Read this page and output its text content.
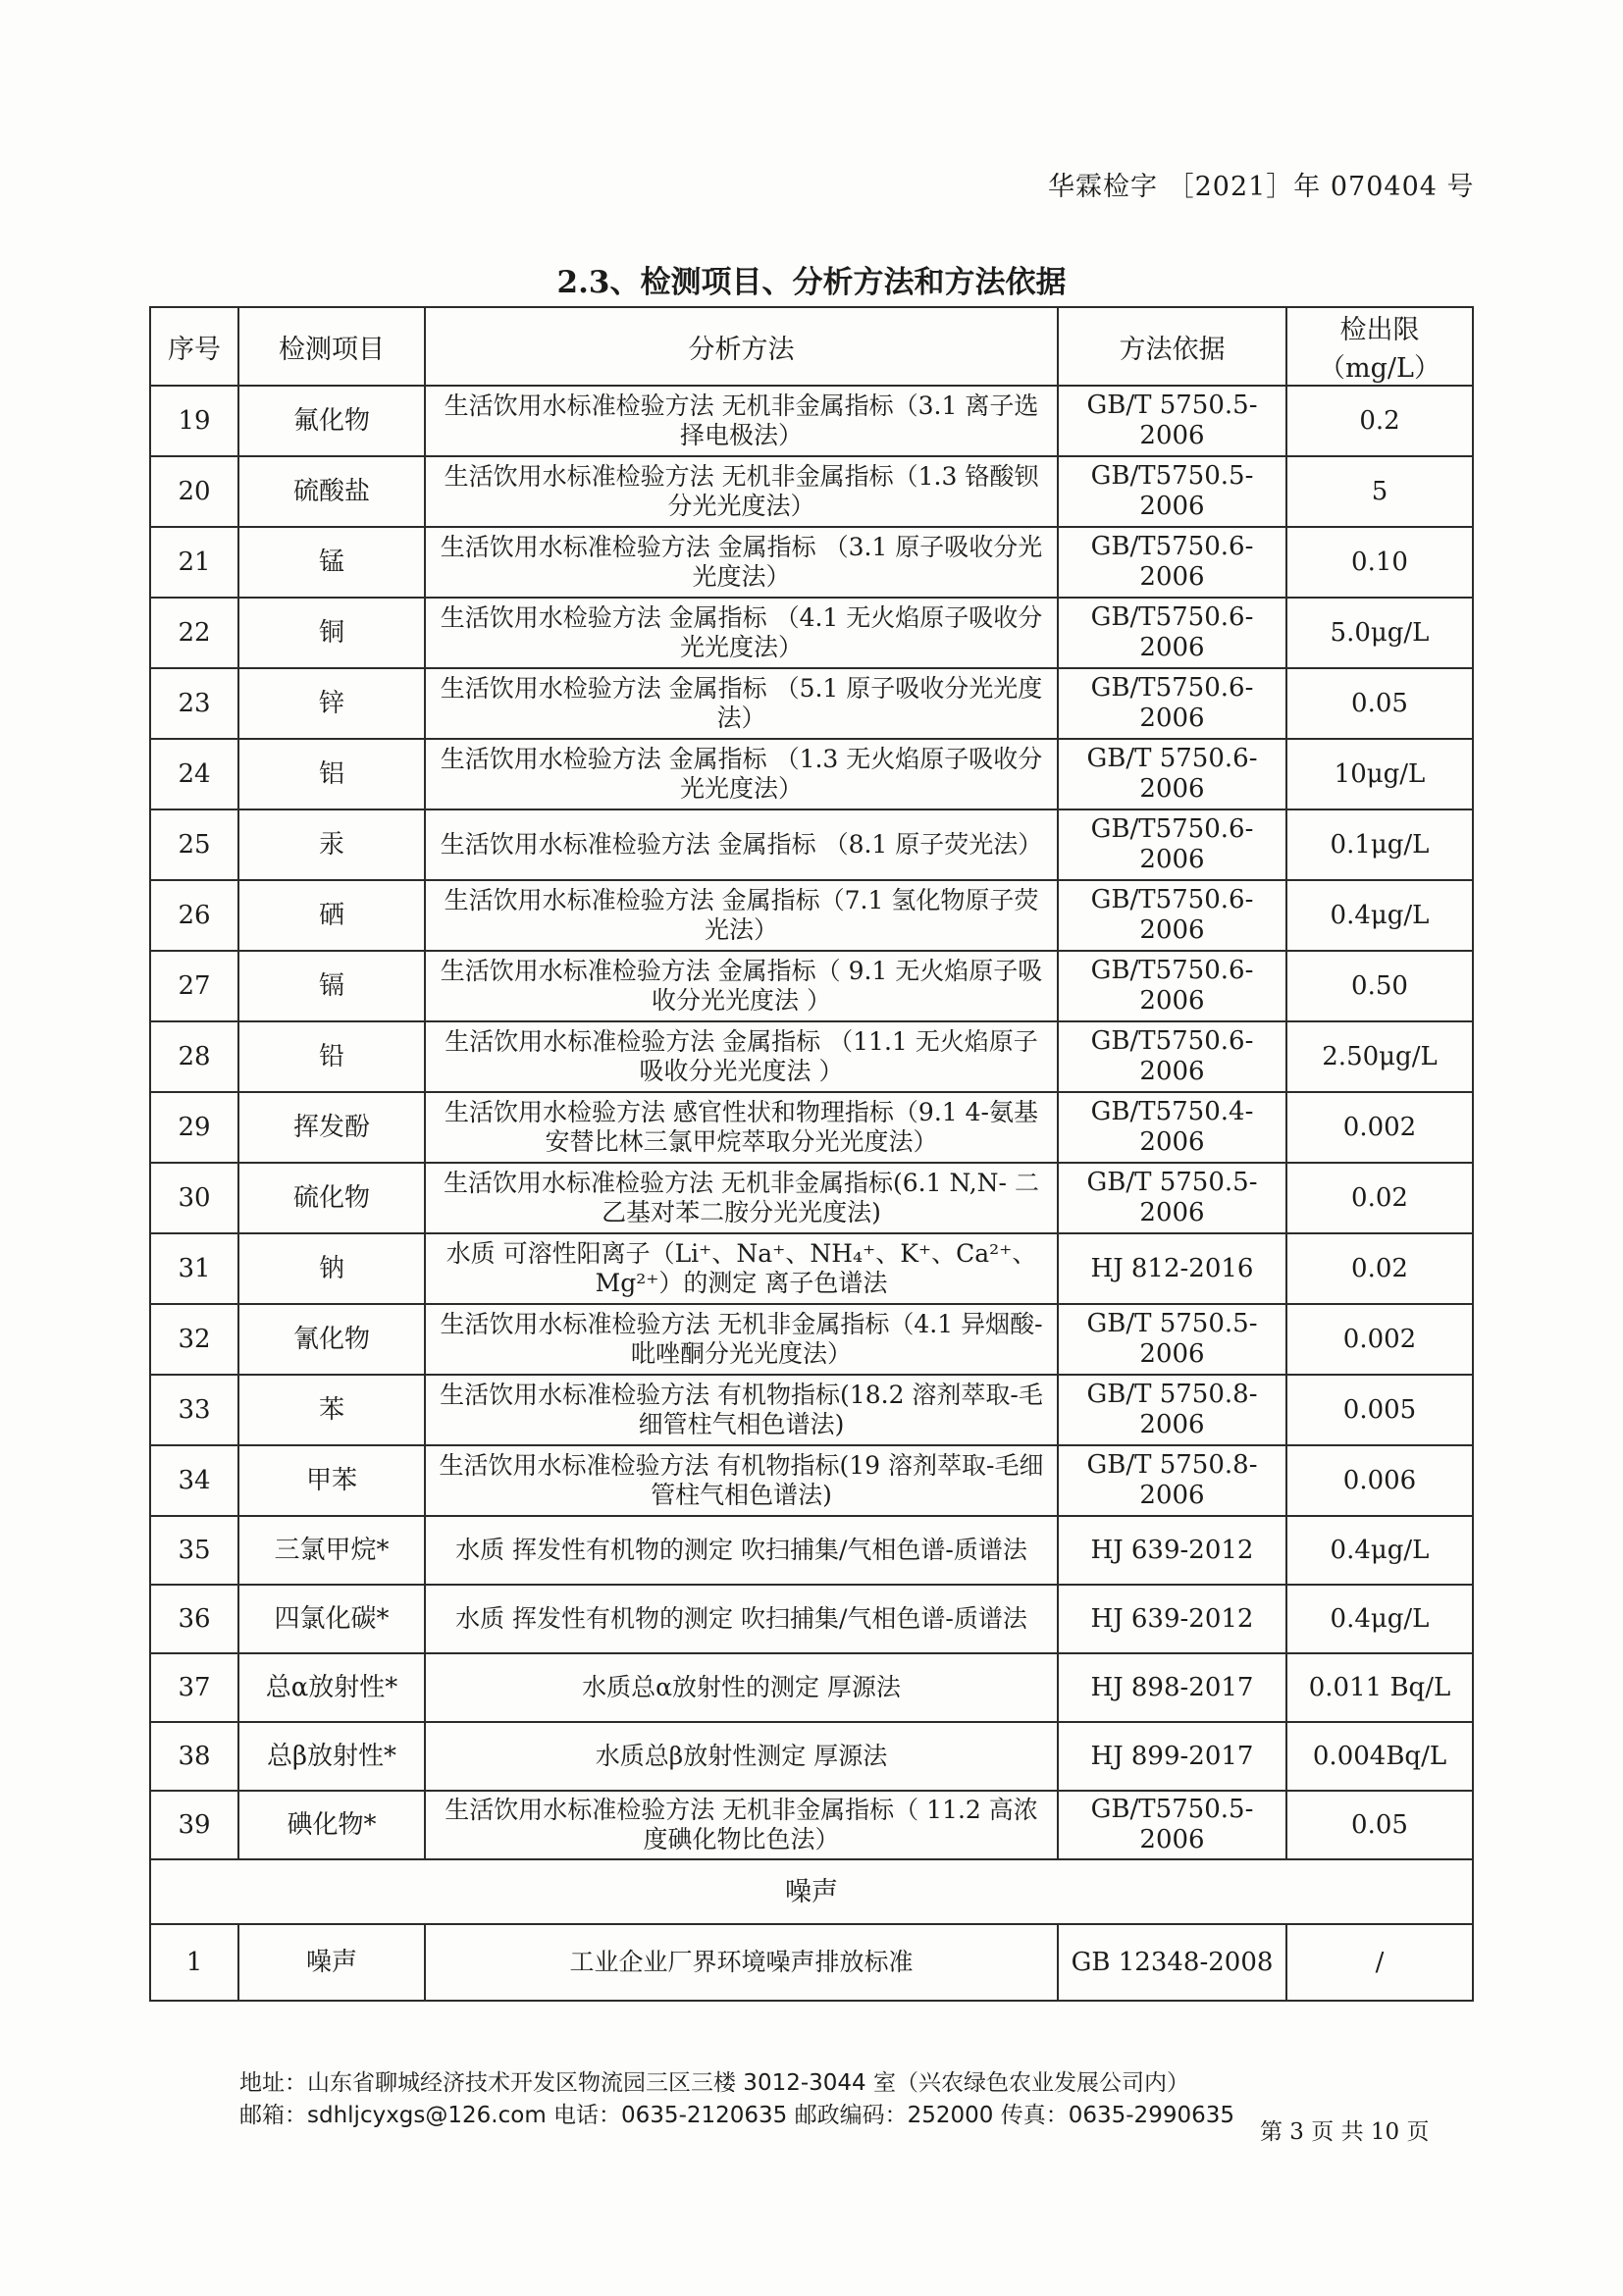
华霖检字 ［2021］年 070404 号
2.3、检测项目、分析方法和方法依据
序号	检测项目	分析方法	方法依据	检出限（mg/L）
19	氟化物	生活饮用水标准检验方法 无机非金属指标（3.1 离子选择电极法）	GB/T 5750.5-2006	0.2
20	硫酸盐	生活饮用水标准检验方法 无机非金属指标（1.3 铬酸钡分光光度法）	GB/T5750.5-2006	5
21	锰	生活饮用水标准检验方法 金属指标 （3.1 原子吸收分光光度法）	GB/T5750.6-2006	0.10
22	铜	生活饮用水检验方法 金属指标 （4.1 无火焰原子吸收分光光度法）	GB/T5750.6-2006	5.0μg/L
23	锌	生活饮用水检验方法 金属指标 （5.1 原子吸收分光光度法）	GB/T5750.6-2006	0.05
24	铝	生活饮用水检验方法 金属指标 （1.3 无火焰原子吸收分光光度法）	GB/T 5750.6-2006	10μg/L
25	汞	生活饮用水标准检验方法 金属指标 （8.1 原子荧光法）	GB/T5750.6-2006	0.1μg/L
26	硒	生活饮用水标准检验方法 金属指标（7.1 氢化物原子荧光法）	GB/T5750.6-2006	0.4μg/L
27	镉	生活饮用水标准检验方法 金属指标（ 9.1 无火焰原子吸收分光光度法 ）	GB/T5750.6-2006	0.50
28	铅	生活饮用水标准检验方法 金属指标 （11.1 无火焰原子吸收分光光度法 ）	GB/T5750.6-2006	2.50μg/L
29	挥发酚	生活饮用水检验方法 感官性状和物理指标（9.1 4-氨基安替比林三氯甲烷萃取分光光度法）	GB/T5750.4-2006	0.002
30	硫化物	生活饮用水标准检验方法 无机非金属指标(6.1 N,N- 二乙基对苯二胺分光光度法)	GB/T 5750.5-2006	0.02
31	钠	水质 可溶性阳离子（Li⁺、Na⁺、NH₄⁺、K⁺、Ca²⁺、Mg²⁺）的测定 离子色谱法	HJ 812-2016	0.02
32	氰化物	生活饮用水标准检验方法 无机非金属指标（4.1 异烟酸-吡唑酮分光光度法）	GB/T 5750.5-2006	0.002
33	苯	生活饮用水标准检验方法 有机物指标(18.2 溶剂萃取-毛细管柱气相色谱法)	GB/T 5750.8-2006	0.005
34	甲苯	生活饮用水标准检验方法 有机物指标(19 溶剂萃取-毛细管柱气相色谱法)	GB/T 5750.8-2006	0.006
35	三氯甲烷*	水质 挥发性有机物的测定 吹扫捕集/气相色谱-质谱法	HJ 639-2012	0.4μg/L
36	四氯化碳*	水质 挥发性有机物的测定 吹扫捕集/气相色谱-质谱法	HJ 639-2012	0.4μg/L
37	总α放射性*	水质总α放射性的测定 厚源法	HJ 898-2017	0.011 Bq/L
38	总β放射性*	水质总β放射性测定 厚源法	HJ 899-2017	0.004Bq/L
39	碘化物*	生活饮用水标准检验方法 无机非金属指标（ 11.2 高浓度碘化物比色法）	GB/T5750.5-2006	0.05
噪声				
1	噪声	工业企业厂界环境噪声排放标准	GB 12348-2008	/
地址：山东省聊城经济技术开发区物流园三区三楼 3012-3044 室（兴农绿色农业发展公司内）
邮箱：sdhljcyxgs@126.com 电话：0635-2120635 邮政编码：252000 传真：0635-2990635
第 3 页 共 10 页
